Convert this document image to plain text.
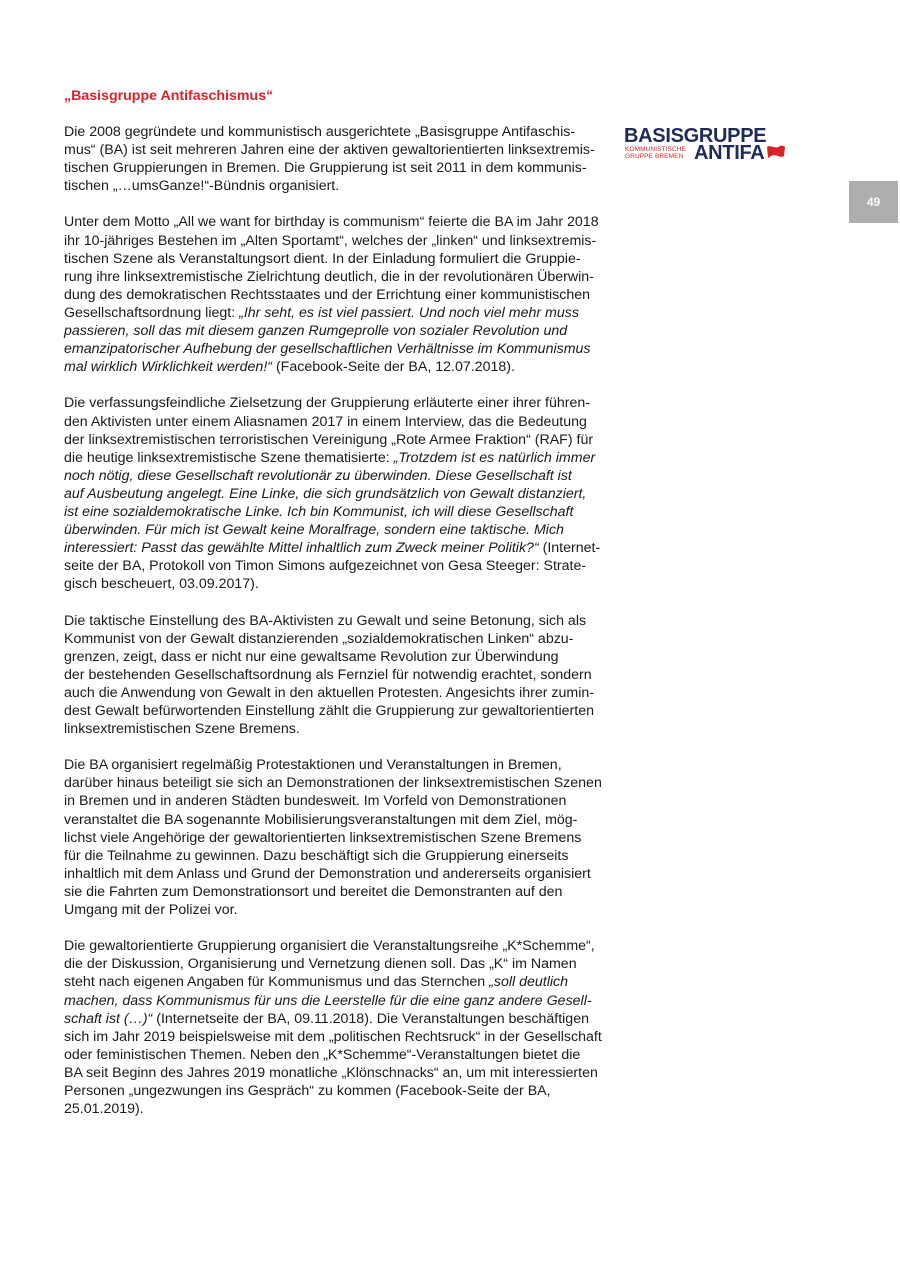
„Basisgruppe Antifaschismus“
Die 2008 gegründete und kommunistisch ausgerichtete „Basisgruppe Antifaschis-
mus“ (BA) ist seit mehreren Jahren eine der aktiven gewaltorientierten linksextremis-
tischen Gruppierungen in Bremen. Die Gruppierung ist seit 2011 in dem kommunis-
tischen „…umsGanze!“-Bündnis organisiert.
Unter dem Motto „All we want for birthday is communism“ feierte die BA im Jahr 2018
ihr 10-jähriges Bestehen im „Alten Sportamt“, welches der „linken“ und linksextremis-
tischen Szene als Veranstaltungsort dient. In der Einladung formuliert die Gruppie-
rung ihre linksextremistische Zielrichtung deutlich, die in der revolutionären Überwin-
dung des demokratischen Rechtsstaates und der Errichtung einer kommunistischen
Gesellschaftsordnung liegt: „Ihr seht, es ist viel passiert. Und noch viel mehr muss
passieren, soll das mit diesem ganzen Rumgeprolle von sozialer Revolution und
emanzipatorischer Aufhebung der gesellschaftlichen Verhältnisse im Kommunismus
mal wirklich Wirklichkeit werden!“ (Facebook-Seite der BA, 12.07.2018).
Die verfassungsfeindliche Zielsetzung der Gruppierung erläuterte einer ihrer führen-
den Aktivisten unter einem Aliasnamen 2017 in einem Interview, das die Bedeutung
der linksextremistischen terroristischen Vereinigung „Rote Armee Fraktion“ (RAF) für
die heutige linksextremistische Szene thematisierte: „Trotzdem ist es natürlich immer
noch nötig, diese Gesellschaft revolutionär zu überwinden. Diese Gesellschaft ist
auf Ausbeutung angelegt. Eine Linke, die sich grundsätzlich von Gewalt distanziert,
ist eine sozialdemokratische Linke. Ich bin Kommunist, ich will diese Gesellschaft
überwinden. Für mich ist Gewalt keine Moralfrage, sondern eine taktische. Mich
interessiert: Passt das gewählte Mittel inhaltlich zum Zweck meiner Politik?“ (Internet-
seite der BA, Protokoll von Timon Simons aufgezeichnet von Gesa Steeger: Strate-
gisch bescheuert, 03.09.2017).
Die taktische Einstellung des BA-Aktivisten zu Gewalt und seine Betonung, sich als
Kommunist von der Gewalt distanzierenden „sozialdemokratischen Linken“ abzu-
grenzen, zeigt, dass er nicht nur eine gewaltsame Revolution zur Überwindung
der bestehenden Gesellschaftsordnung als Fernziel für notwendig erachtet, sondern
auch die Anwendung von Gewalt in den aktuellen Protesten. Angesichts ihrer zumin-
dest Gewalt befürwortenden Einstellung zählt die Gruppierung zur gewaltorientierten
linksextremistischen Szene Bremens.
Die BA organisiert regelmäßig Protestaktionen und Veranstaltungen in Bremen,
darüber hinaus beteiligt sie sich an Demonstrationen der linksextremistischen Szenen
in Bremen und in anderen Städten bundesweit. Im Vorfeld von Demonstrationen
veranstaltet die BA sogenannte Mobilisierungsveranstaltungen mit dem Ziel, mög-
lichst viele Angehörige der gewaltorientierten linksextremistischen Szene Bremens
für die Teilnahme zu gewinnen. Dazu beschäftigt sich die Gruppierung einerseits
inhaltlich mit dem Anlass und Grund der Demonstration und andererseits organisiert
sie die Fahrten zum Demonstrationsort und bereitet die Demonstranten auf den
Umgang mit der Polizei vor.
Die gewaltorientierte Gruppierung organisiert die Veranstaltungsreihe „K*Schemme“,
die der Diskussion, Organisierung und Vernetzung dienen soll. Das „K“ im Namen
steht nach eigenen Angaben für Kommunismus und das Sternchen „soll deutlich
machen, dass Kommunismus für uns die Leerstelle für die eine ganz andere Gesell-
schaft ist (…)“ (Internetseite der BA, 09.11.2018). Die Veranstaltungen beschäftigen
sich im Jahr 2019 beispielsweise mit dem „politischen Rechtsruck“ in der Gesellschaft
oder feministischen Themen. Neben den „K*Schemme“-Veranstaltungen bietet die
BA seit Beginn des Jahres 2019 monatliche „Klönschnacks“ an, um mit interessierten
Personen „ungezwungen ins Gespräch“ zu kommen (Facebook-Seite der BA,
25.01.2019).
BASISGRUPPE
KOMMUNISTISCHE
GRUPPE BREMEN ANTIFA
49
